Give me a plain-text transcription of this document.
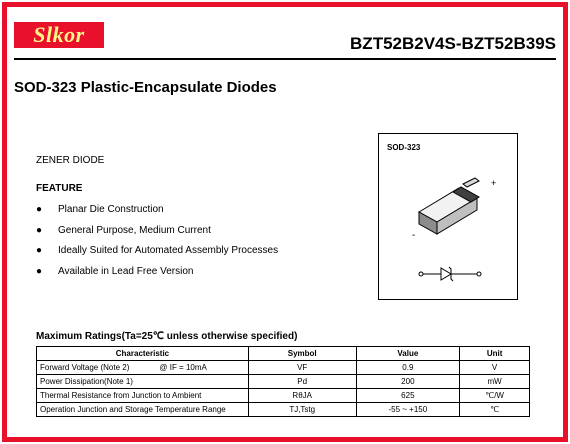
Slkor	BZT52B2V4S-BZT52B39S
SOD-323 Plastic-Encapsulate Diodes
ZENER DIODE
FEATURE
●	Planar Die Construction
●	General Purpose, Medium Current
●	Ideally Suited for Automated Assembly Processes
●	Available in Lead Free Version
SOD-323
+
-
Maximum Ratings(Ta=25℃ unless otherwise specified)
Characteristic	Symbol	Value	Unit
Forward Voltage (Note 2) @ IF = 10mA	VF	0.9	V
Power Dissipation(Note 1)	Pd	200	mW
Thermal Resistance from Junction to Ambient	RθJA	625	℃/W
Operation Junction and Storage Temperature Range	TJ,Tstg	-55 ~ +150	℃
